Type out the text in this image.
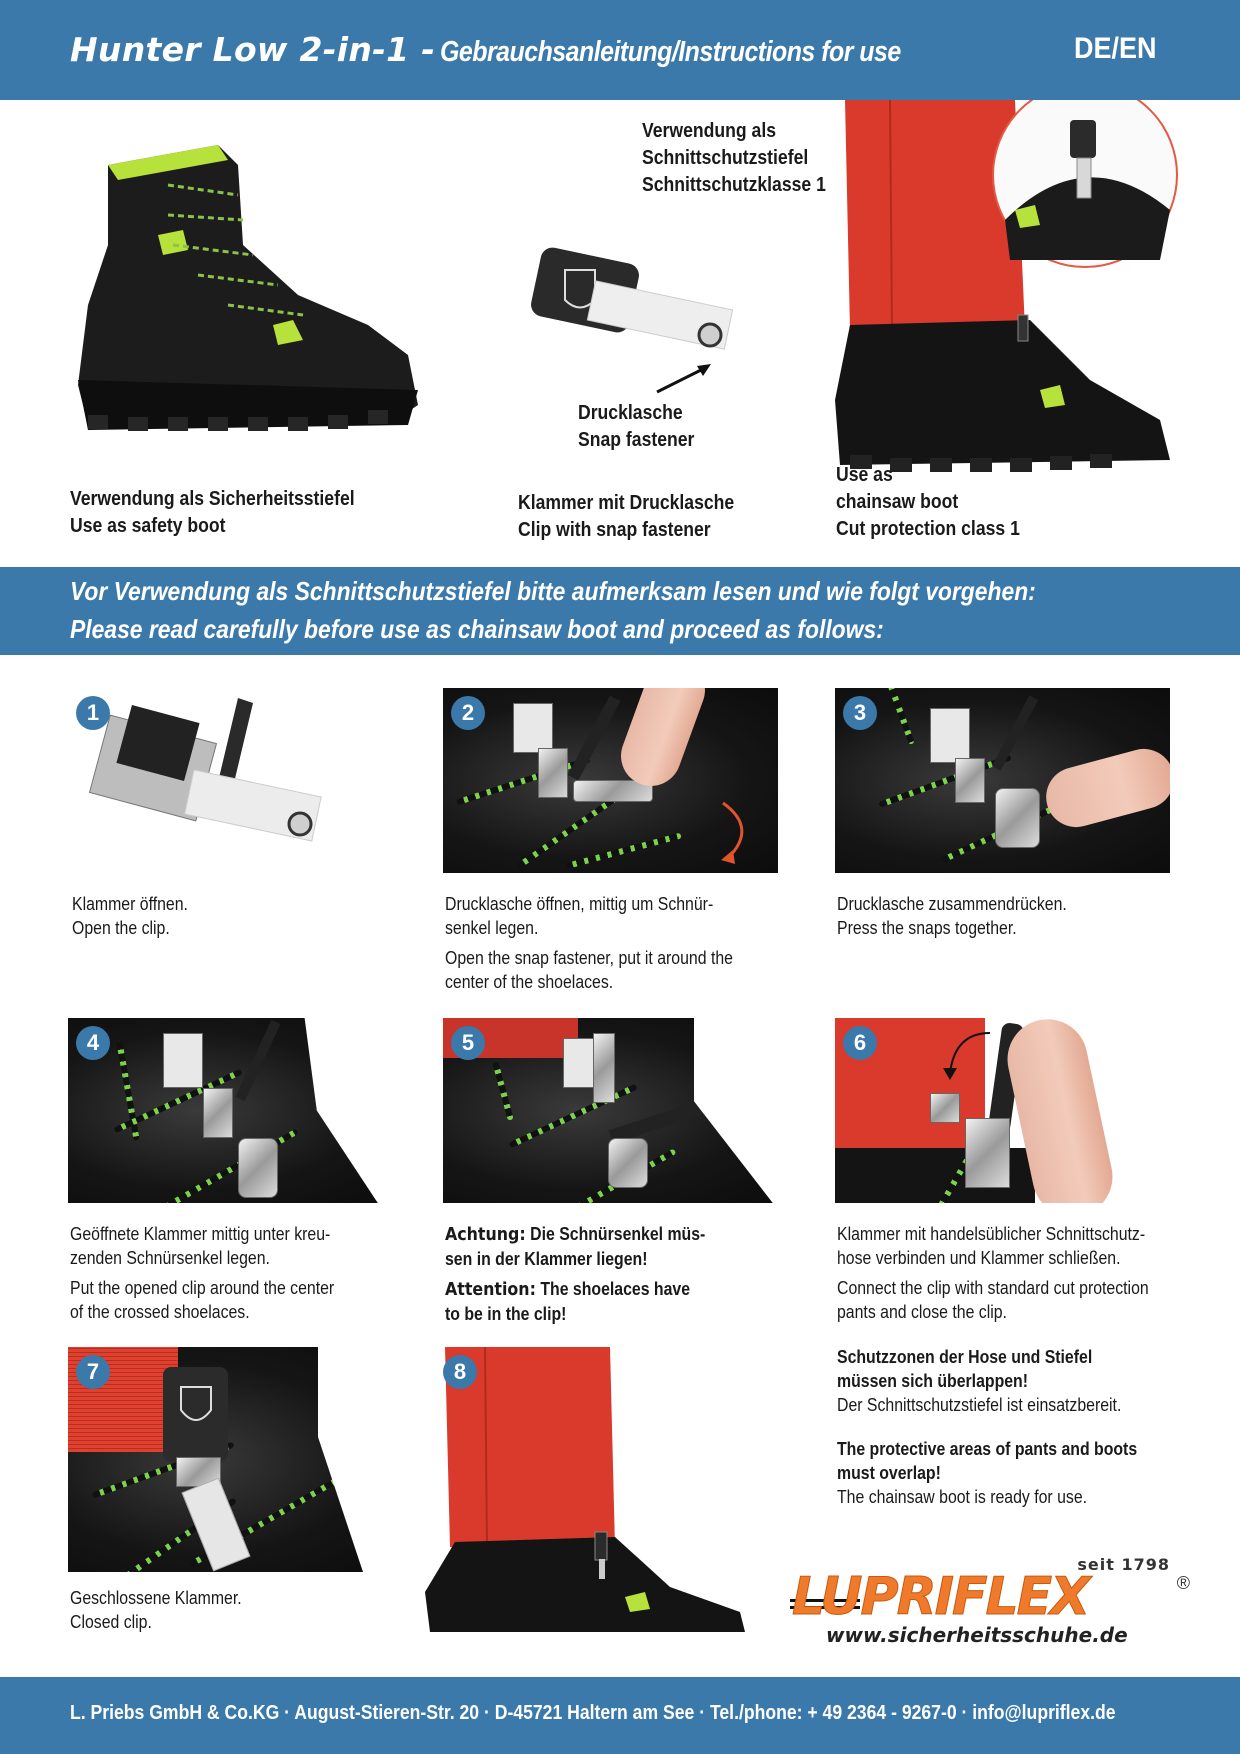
Hunter Low 2-in-1 - Gebrauchsanleitung/Instructions for use	DE/EN
Verwendung als Sicherheitsstiefel
Use as safety boot
Drucklasche
Snap fastener
Klammer mit Drucklasche
Clip with snap fastener
Verwendung als
Schnittschutzstiefel
Schnittschutzklasse 1
Use as
chainsaw boot
Cut protection class 1
Vor Verwendung als Schnittschutzstiefel bitte aufmerksam lesen und wie folgt vorgehen:
Please read carefully before use as chainsaw boot and proceed as follows:
1
Klammer öffnen.
Open the clip.
2
Drucklasche öffnen, mittig um Schnür-
senkel legen.

Open the snap fastener, put it around the
center of the shoelaces.
3
Drucklasche zusammendrücken.
Press the snaps together.
4
Geöffnete Klammer mittig unter kreu-
zenden Schnürsenkel legen.

Put the opened clip around the center
of the crossed shoelaces.
5
Achtung: Die Schnürsenkel müs-
sen in der Klammer liegen!

Attention: The shoelaces have
to be in the clip!
6
Klammer mit handelsüblicher Schnittschutz-
hose verbinden und Klammer schließen.

Connect the clip with standard cut protection
pants and close the clip.
7
Geschlossene Klammer.
Closed clip.
8
Schutzzonen der Hose und Stiefel
müssen sich überlappen!
Der Schnittschutzstiefel ist einsatzbereit.

The protective areas of pants and boots
must overlap!
The chainsaw boot is ready for use.
seit 1798
LUPRIFLEX	®
www.sicherheitsschuhe.de
L. Priebs GmbH & Co.KG · August-Stieren-Str. 20 · D-45721 Haltern am See · Tel./phone: + 49 2364 - 9267-0 · info@lupriflex.de
